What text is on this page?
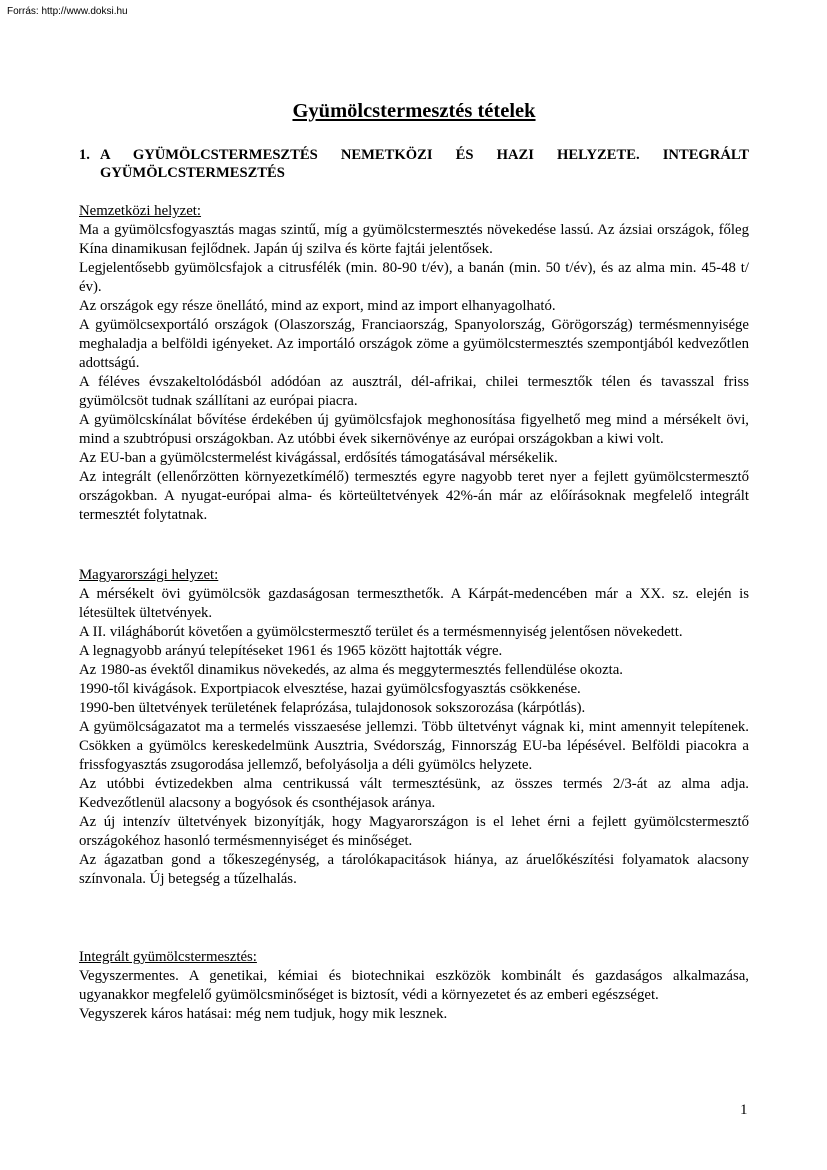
Forrás: http://www.doksi.hu
Gyümölcstermesztés tételek
1. A GYÜMÖLCSTERMESZTÉS NEMETKÖZI ÉS HAZI HELYZETE. INTEGRÁLT GYÜMÖLCSTERMESZTÉS
Nemzetközi helyzet:

Ma a gyümölcsfogyasztás magas szintű, míg a gyümölcstermesztés növekedése lassú. Az ázsiai országok, főleg Kína dinamikusan fejlődnek. Japán új szilva és körte fajtái jelentősek.

Legjelentősebb gyümölcsfajok a citrusfélék (min. 80-90 t/év), a banán (min. 50 t/év), és az alma min. 45-48 t/év).

Az országok egy része önellátó, mind az export, mind az import elhanyagolható.

A gyümölcsexportáló országok (Olaszország, Franciaország, Spanyolország, Görögország) termésmennyisége meghaladja a belföldi igényeket. Az importáló országok zöme a gyümölcstermesztés szempontjából kedvezőtlen adottságú.

A féléves évszakeltolódásból adódóan az ausztrál, dél-afrikai, chilei termesztők télen és tavasszal friss gyümölcsöt tudnak szállítani az európai piacra.

A gyümölcskínálat bővítése érdekében új gyümölcsfajok meghonosítása figyelhető meg mind a mérsékelt övi, mind a szubtrópusi országokban. Az utóbbi évek sikernövénye az európai országokban a kiwi volt.

Az EU-ban a gyümölcstermelést kivágással, erdősítés támogatásával mérsékelik.

Az integrált (ellenőrzötten környezetkímélő) termesztés egyre nagyobb teret nyer a fejlett gyümölcstermesztő országokban. A nyugat-európai alma- és körteültetvények 42%-án már az előírásoknak megfelelő integrált termesztét folytatnak.

Magyarországi helyzet:

A mérsékelt övi gyümölcsök gazdaságosan termeszthetők. A Kárpát-medencében már a XX. sz. elején is létesültek ültetvények.

A II. világháborút követően a gyümölcstermesztő terület és a termésmennyiség jelentősen növekedett.

A legnagyobb arányú telepítéseket 1961 és 1965 között hajtották végre.

Az 1980-as évektől dinamikus növekedés, az alma és meggytermesztés fellendülése okozta.

1990-től kivágások. Exportpiacok elvesztése, hazai gyümölcsfogyasztás csökkenése.

1990-ben ültetvények területének felaprózása, tulajdonosok sokszorozása (kárpótlás).

A gyümölcságazatot ma a termelés visszaesése jellemzi. Több ültetvényt vágnak ki, mint amennyit telepítenek. Csökken a gyümölcs kereskedelmünk Ausztria, Svédország, Finnország EU-ba lépésével. Belföldi piacokra a frissfogyasztás zsugorodása jellemző, befolyásolja a déli gyümölcs helyzete.

Az utóbbi évtizedekben alma centrikussá vált termesztésünk, az összes termés 2/3-át az alma adja. Kedvezőtlenül alacsony a bogyósok és csonthéjasok aránya.

Az új intenzív ültetvények bizonyítják, hogy Magyarországon is el lehet érni a fejlett gyümölcstermesztő országokéhoz hasonló termésmennyiséget és minőséget.

Az ágazatban gond a tőkeszegénység, a tárolókapacitások hiánya, az áruelőkészítési folyamatok alacsony színvonala. Új betegség a tűzelhalás.

Integrált gyümölcstermesztés:

Vegyszermentes. A genetikai, kémiai és biotechnikai eszközök kombinált és gazdaságos alkalmazása, ugyanakkor megfelelő gyümölcsminőséget is biztosít, védi a környezetet és az emberi egészséget.

Vegyszerek káros hatásai: még nem tudjuk, hogy mik lesznek.

1
